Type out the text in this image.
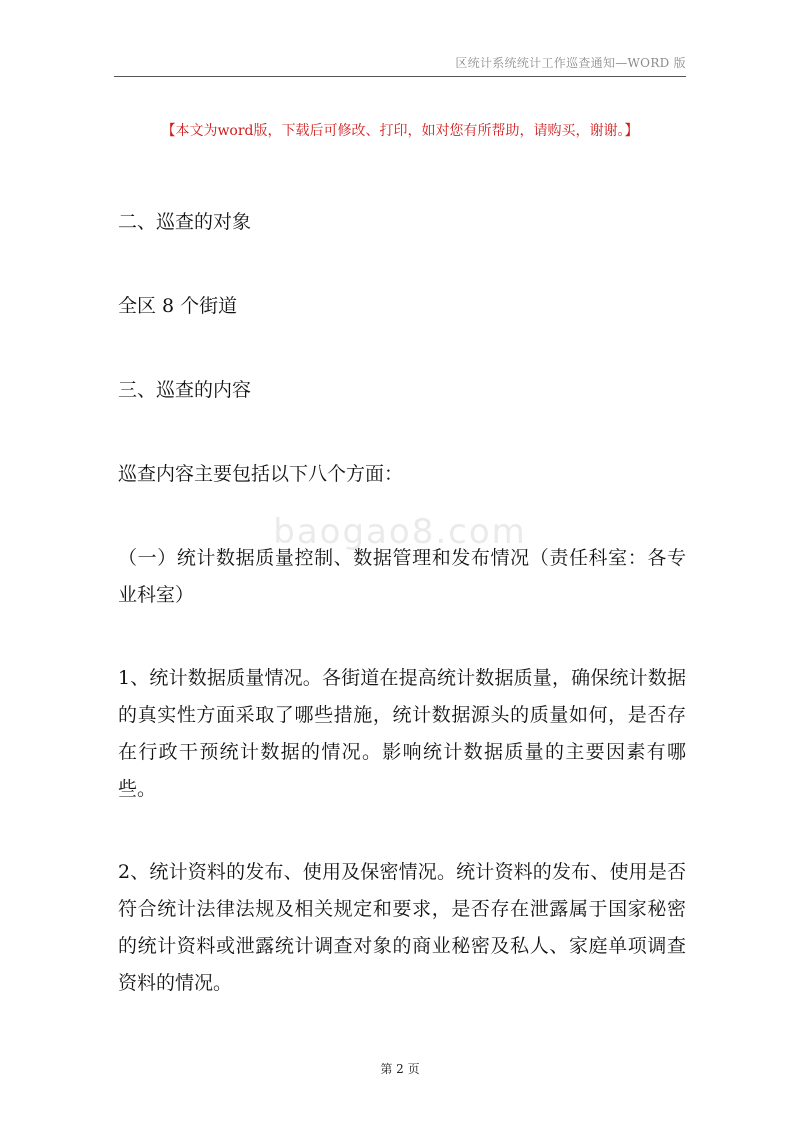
区统计系统统计工作巡查通知—WORD 版
【本文为word版，下载后可修改、打印，如对您有所帮助，请购买，谢谢。】
baogao8.com

二、巡查的对象

全区 8 个街道

三、巡查的内容

巡查内容主要包括以下八个方面：

（一）统计数据质量控制、数据管理和发布情况（责任科室：各专业科室）

1、统计数据质量情况。各街道在提高统计数据质量，确保统计数据的真实性方面采取了哪些措施，统计数据源头的质量如何，是否存在行政干预统计数据的情况。影响统计数据质量的主要因素有哪些。

2、统计资料的发布、使用及保密情况。统计资料的发布、使用是否符合统计法律法规及相关规定和要求，是否存在泄露属于国家秘密的统计资料或泄露统计调查对象的商业秘密及私人、家庭单项调查资料的情况。

第 2 页
